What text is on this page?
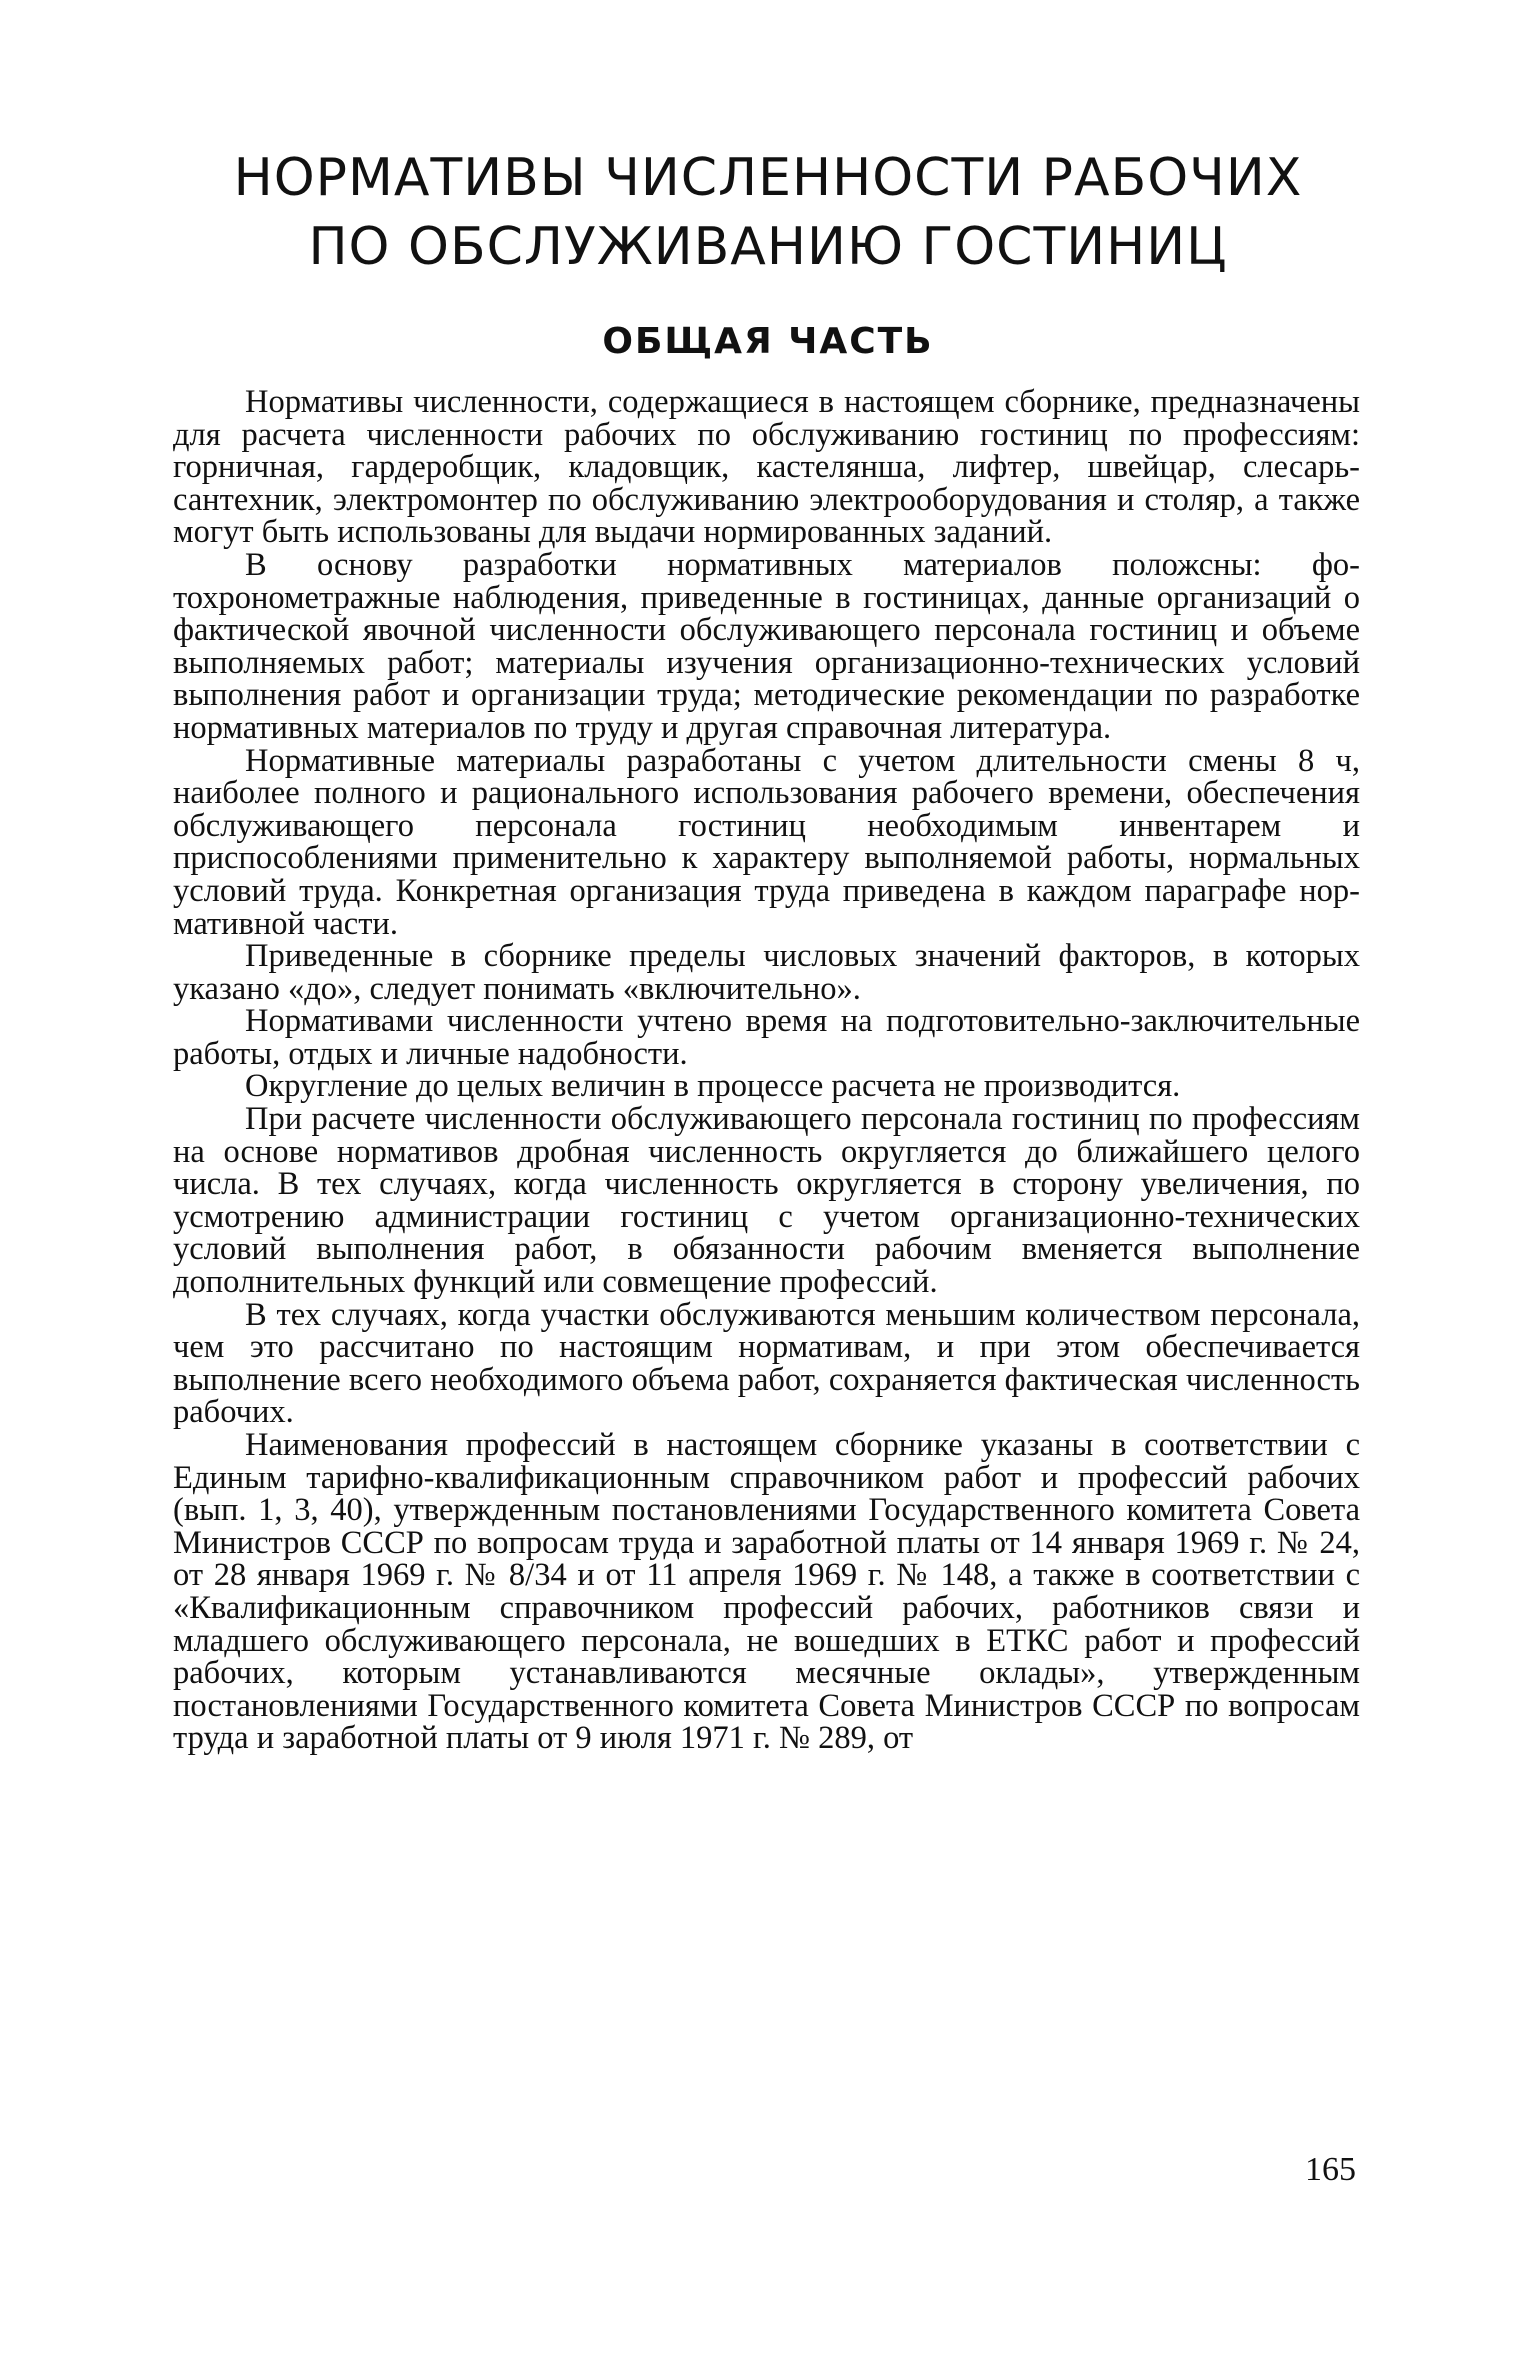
НОРМАТИВЫ ЧИСЛЕННОСТИ РАБОЧИХ
ПО ОБСЛУЖИВАНИЮ ГОСТИНИЦ
ОБЩАЯ ЧАСТЬ

Нормативы численности, содержащиеся в настоящем сборнике, предназначены для расчета численности рабочих по обслуживанию гостиниц по профессиям: горничная, гардеробщик, кладовщик, кастелянша, лифтер, швейцар, слесарь-сантехник, электромонтер по обслуживанию электрооборудования и столяр, а также могут быть использованы для выдачи нормированных заданий.

В основу разработки нормативных материалов положсны: фотохронометражные наблюдения, приведенные в гостиницах, данные организаций о фактической явочной численности обслуживающего персонала гостиниц и объеме выполняемых работ; материалы изучения организационно-технических условий выполнения работ и организации труда; методические рекомендации по разработке нормативных материалов по труду и другая справочная литература.

Нормативные материалы разработаны с учетом длительности смены 8 ч, наиболее полного и рационального использования рабочего времени, обеспечения обслуживающего персонала гостиниц необходимым инвентарем и приспособлениями применительно к характеру выполняемой работы, нормальных условий труда. Конкретная организация труда приведена в каждом параграфе нормативной части.

Приведенные в сборнике пределы числовых значений факторов, в которых указано «до», следует понимать «включительно».

Нормативами численности учтено время на подготовительно-заключительные работы, отдых и личные надобности.

Округление до целых величин в процессе расчета не производится.

При расчете численности обслуживающего персонала гостиниц по профессиям на основе нормативов дробная численность округляется до ближайшего целого числа. В тех случаях, когда численность округляется в сторону увеличения, по усмотрению администрации гостиниц с учетом организационно-технических условий выполнения работ, в обязанности рабочим вменяется выполнение дополнительных функций или совмещение профессий.

В тех случаях, когда участки обслуживаются меньшим количеством персонала, чем это рассчитано по настоящим нормативам, и при этом обеспечивается выполнение всего необходимого объема работ, сохраняется фактическая численность рабочих.

Наименования профессий в настоящем сборнике указаны в соответствии с Единым тарифно-квалификационным справочником работ и профессий рабочих (вып. 1, 3, 40), утвержденным постановлениями Государственного комитета Совета Министров СССР по вопросам труда и заработной платы от 14 января 1969 г. № 24, от 28 января 1969 г. № 8/34 и от 11 апреля 1969 г. № 148, а также в соответствии с «Квалификационным справочником профессий рабочих, работников связи и младшего обслуживающего персонала, не вошедших в ЕТКС работ и профессий рабочих, которым устанавливаются месячные оклады», утвержденным постановлениями Государственного комитета Совета Министров СССР по вопросам труда и заработной платы от 9 июля 1971 г. № 289, от

165
